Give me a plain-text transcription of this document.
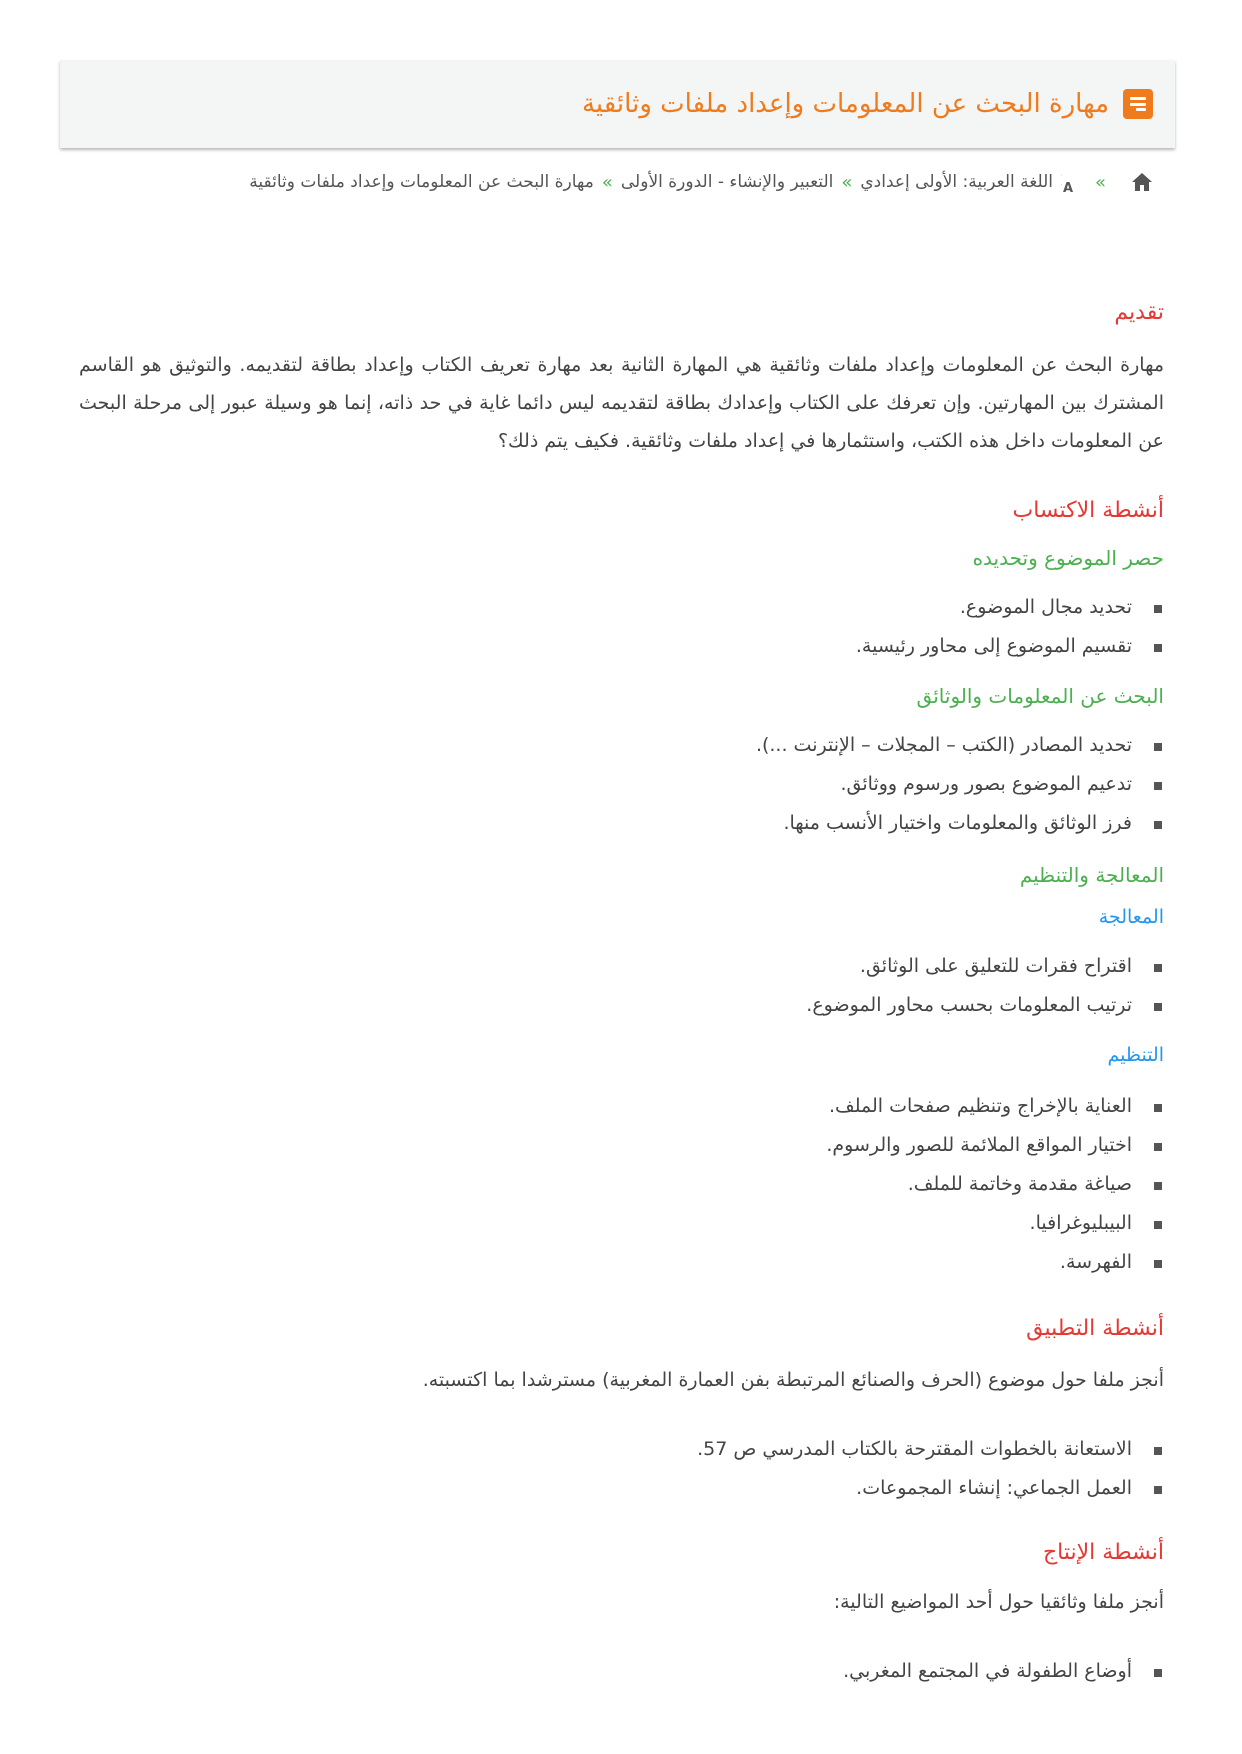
مهارة البحث عن المعلومات وإعداد ملفات وثائقية
»
A
اللغة العربية: الأولى إعدادي
»
التعبير والإنشاء - الدورة الأولى
»
مهارة البحث عن المعلومات وإعداد ملفات وثائقية
تقديم

مهارة البحث عن المعلومات وإعداد ملفات وثائقية هي المهارة الثانية بعد مهارة تعريف الكتاب وإعداد بطاقة لتقديمه. والتوثيق هو القاسم المشترك بين المهارتين. وإن تعرفك على الكتاب وإعدادك بطاقة لتقديمه ليس دائما غاية في حد ذاته، إنما هو وسيلة عبور إلى مرحلة البحث عن المعلومات داخل هذه الكتب، واستثمارها في إعداد ملفات وثائقية. فكيف يتم ذلك؟

أنشطة الاكتساب
حصر الموضوع وتحديده
تحديد مجال الموضوع.
تقسيم الموضوع إلى محاور رئيسية.
البحث عن المعلومات والوثائق
تحديد المصادر (الكتب – المجلات – الإنترنت ...).
تدعيم الموضوع بصور ورسوم ووثائق.
فرز الوثائق والمعلومات واختيار الأنسب منها.
المعالجة والتنظيم
المعالجة
اقتراح فقرات للتعليق على الوثائق.
ترتيب المعلومات بحسب محاور الموضوع.
التنظيم
العناية بالإخراج وتنظيم صفحات الملف.
اختيار المواقع الملائمة للصور والرسوم.
صياغة مقدمة وخاتمة للملف.
البيبليوغرافيا.
الفهرسة.
أنشطة التطبيق

أنجز ملفا حول موضوع (الحرف والصنائع المرتبطة بفن العمارة المغربية) مسترشدا بما اكتسبته.

الاستعانة بالخطوات المقترحة بالكتاب المدرسي ص 57.
العمل الجماعي: إنشاء المجموعات.
أنشطة الإنتاج

أنجز ملفا وثائقيا حول أحد المواضيع التالية:

أوضاع الطفولة في المجتمع المغربي.
